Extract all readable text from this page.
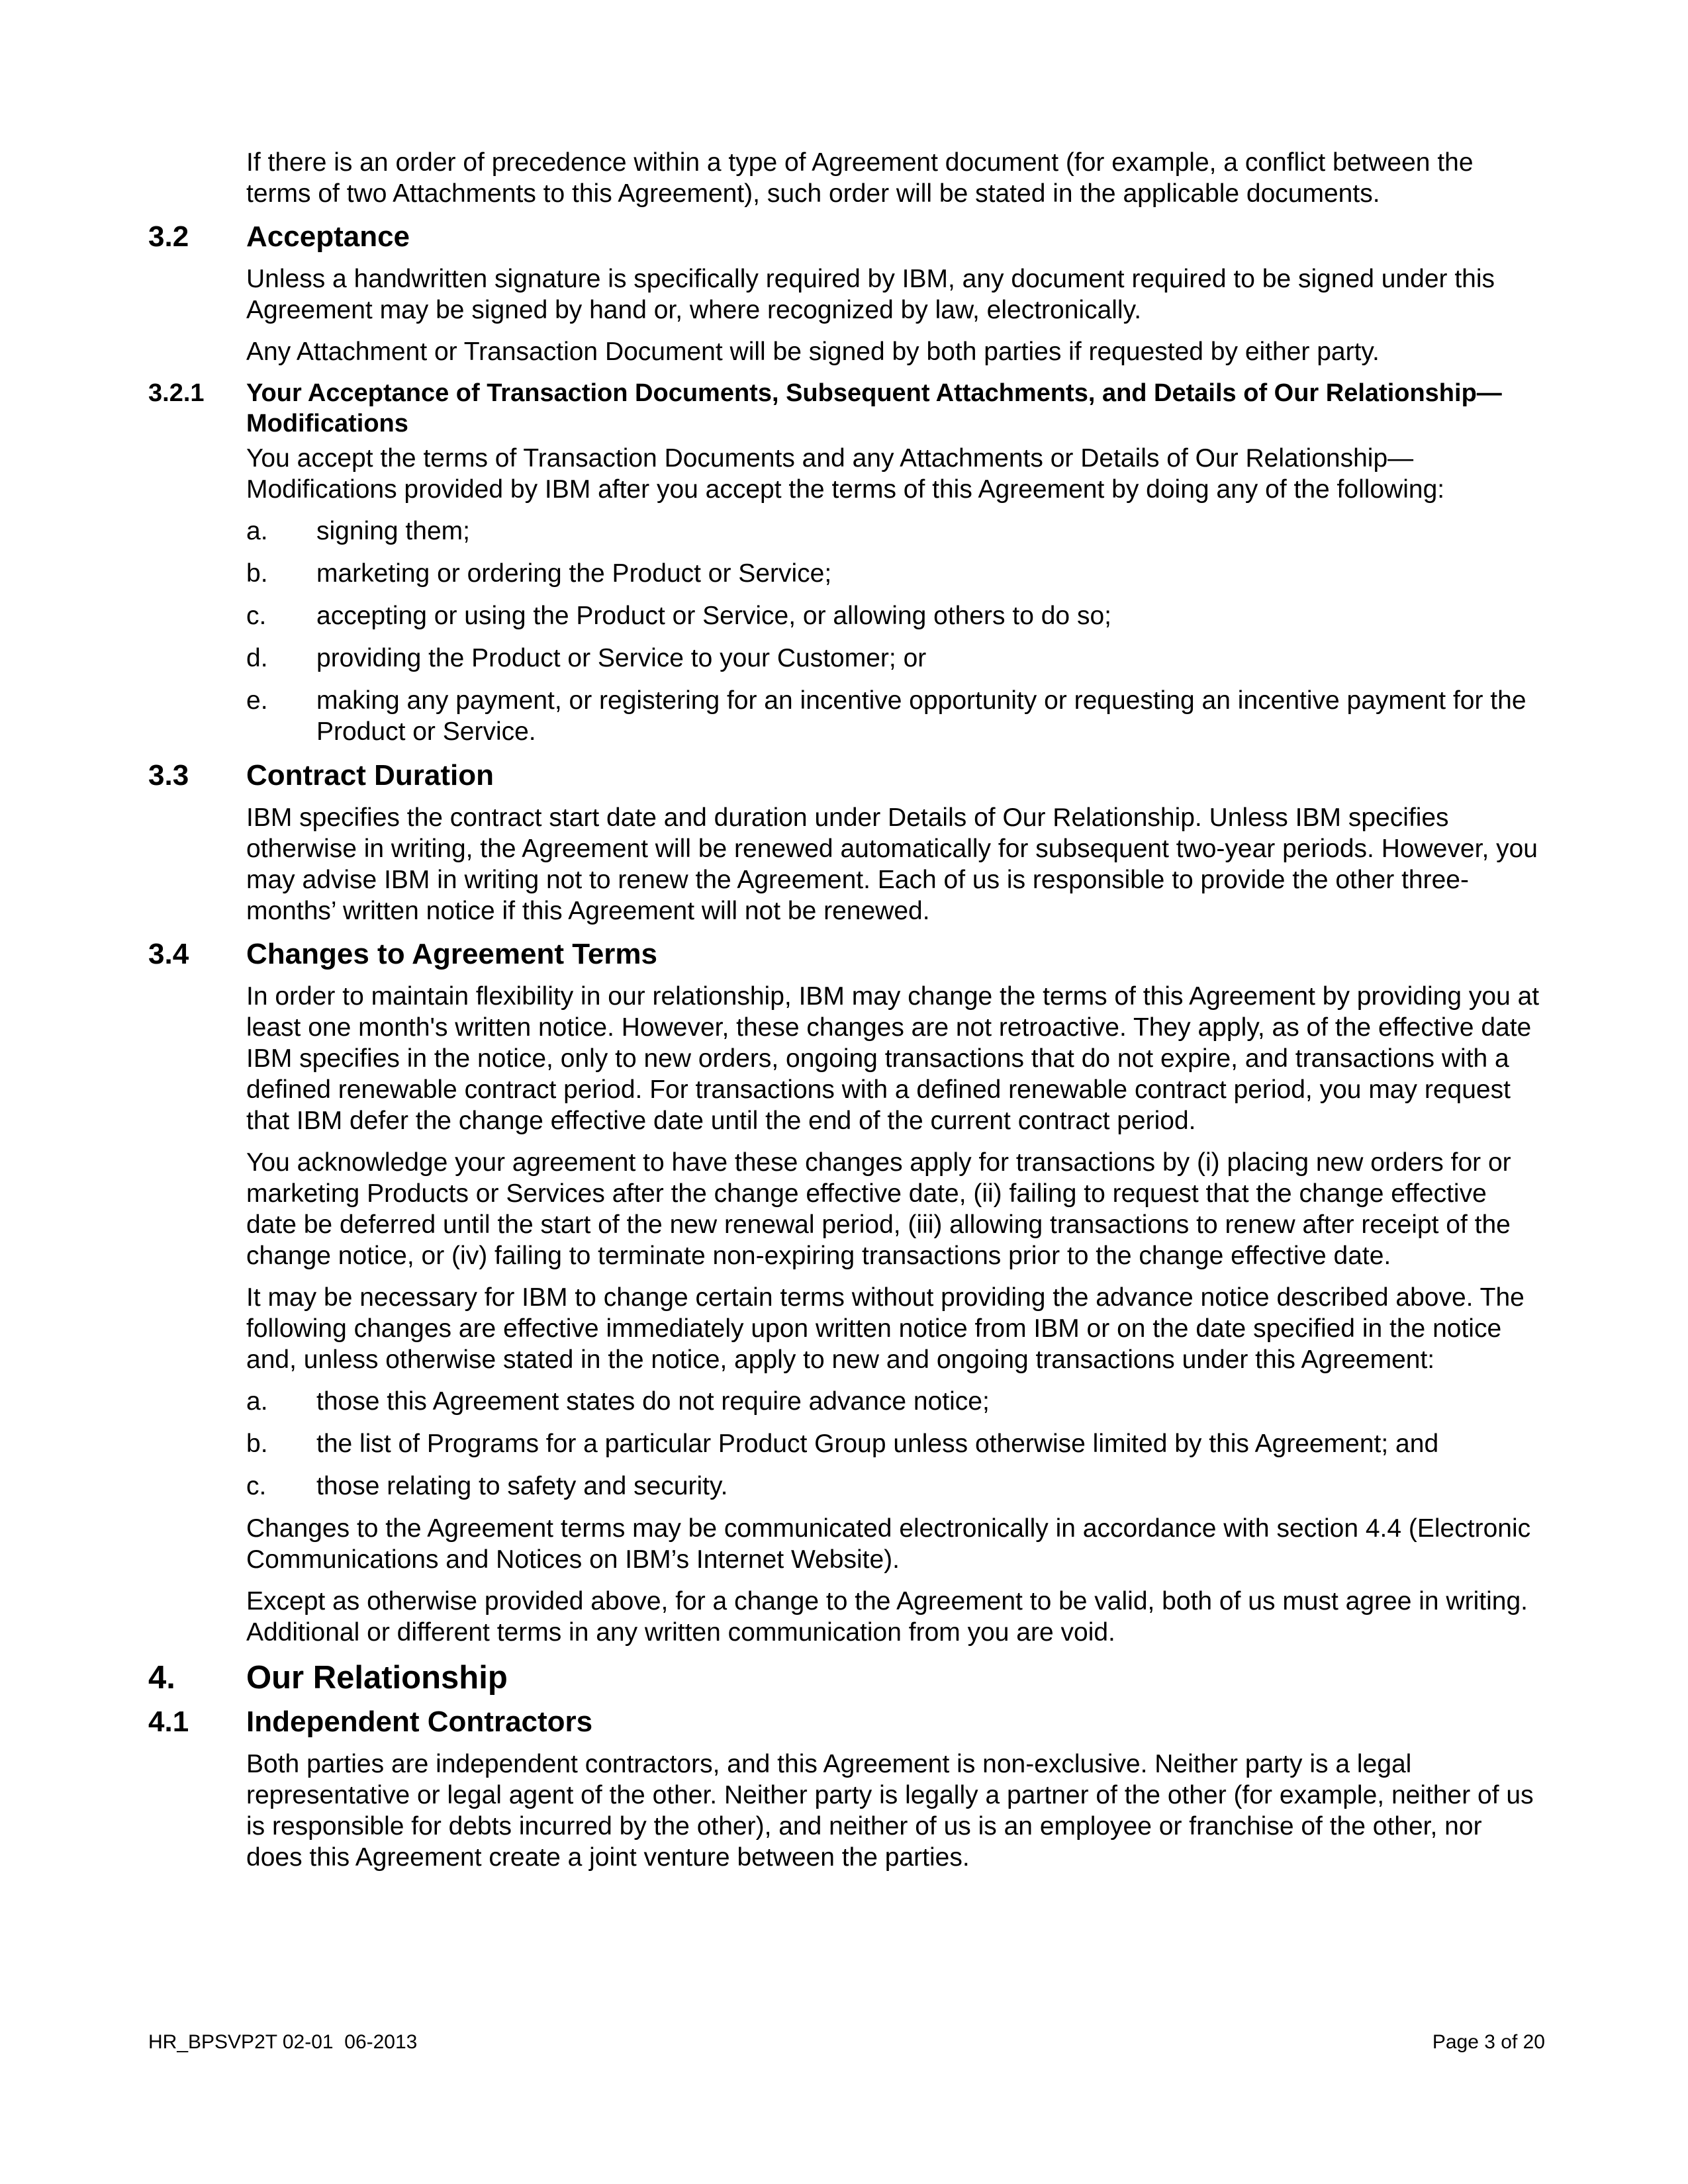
If there is an order of precedence within a type of Agreement document (for example, a conflict between the terms of two Attachments to this Agreement), such order will be stated in the applicable documents.

3.2	Acceptance

Unless a handwritten signature is specifically required by IBM, any document required to be signed under this Agreement may be signed by hand or, where recognized by law, electronically.

Any Attachment or Transaction Document will be signed by both parties if requested by either party.

3.2.1	Your Acceptance of Transaction Documents, Subsequent Attachments, and Details of Our Relationship—Modifications

You accept the terms of Transaction Documents and any Attachments or Details of Our Relationship—Modifications provided by IBM after you accept the terms of this Agreement by doing any of the following:

a.	signing them;
b.	marketing or ordering the Product or Service;
c.	accepting or using the Product or Service, or allowing others to do so;
d.	providing the Product or Service to your Customer; or
e.	making any payment, or registering for an incentive opportunity or requesting an incentive payment for the Product or Service.
3.3	Contract Duration

IBM specifies the contract start date and duration under Details of Our Relationship. Unless IBM specifies otherwise in writing, the Agreement will be renewed automatically for subsequent two-year periods. However, you may advise IBM in writing not to renew the Agreement. Each of us is responsible to provide the other three-months’ written notice if this Agreement will not be renewed.

3.4	Changes to Agreement Terms

In order to maintain flexibility in our relationship, IBM may change the terms of this Agreement by providing you at least one month's written notice. However, these changes are not retroactive. They apply, as of the effective date IBM specifies in the notice, only to new orders, ongoing transactions that do not expire, and transactions with a defined renewable contract period. For transactions with a defined renewable contract period, you may request that IBM defer the change effective date until the end of the current contract period.

You acknowledge your agreement to have these changes apply for transactions by (i) placing new orders for or marketing Products or Services after the change effective date, (ii) failing to request that the change effective date be deferred until the start of the new renewal period, (iii) allowing transactions to renew after receipt of the change notice, or (iv) failing to terminate non-expiring transactions prior to the change effective date.

It may be necessary for IBM to change certain terms without providing the advance notice described above. The following changes are effective immediately upon written notice from IBM or on the date specified in the notice and, unless otherwise stated in the notice, apply to new and ongoing transactions under this Agreement:

a.	those this Agreement states do not require advance notice;
b.	the list of Programs for a particular Product Group unless otherwise limited by this Agreement; and
c.	those relating to safety and security.

Changes to the Agreement terms may be communicated electronically in accordance with section 4.4 (Electronic Communications and Notices on IBM’s Internet Website).

Except as otherwise provided above, for a change to the Agreement to be valid, both of us must agree in writing. Additional or different terms in any written communication from you are void.

4.	Our Relationship
4.1	Independent Contractors

Both parties are independent contractors, and this Agreement is non-exclusive. Neither party is a legal representative or legal agent of the other. Neither party is legally a partner of the other (for example, neither of us is responsible for debts incurred by the other), and neither of us is an employee or franchise of the other, nor does this Agreement create a joint venture between the parties.

HR_BPSVP2T 02-01  06-2013	Page 3 of 20
